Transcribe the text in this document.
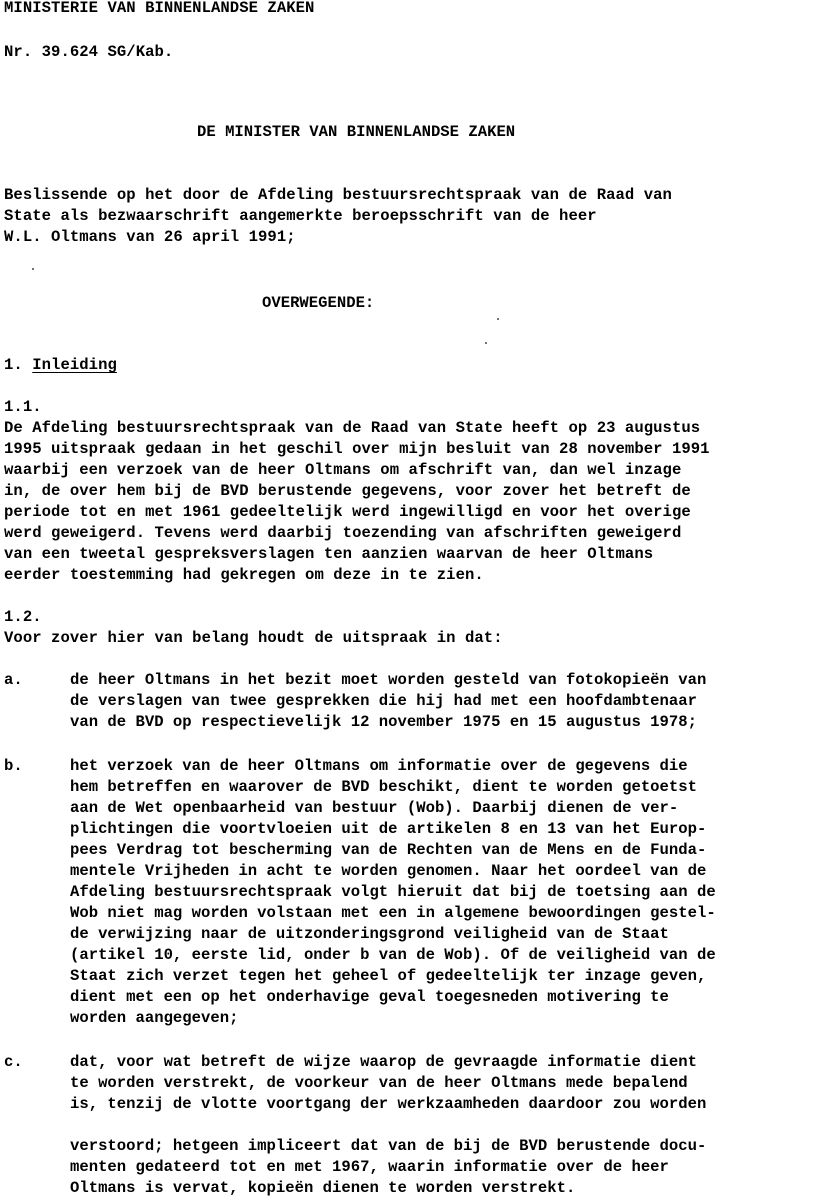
MINISTERIE VAN BINNENLANDSE ZAKEN
Nr. 39.624 SG/Kab.
DE MINISTER VAN BINNENLANDSE ZAKEN
Beslissende op het door de Afdeling bestuursrechtspraak van de Raad van
State als bezwaarschrift aangemerkte beroepsschrift van de heer
W.L. Oltmans van 26 april 1991;
OVERWEGENDE:
1. Inleiding
1.1.
De Afdeling bestuursrechtspraak van de Raad van State heeft op 23 augustus
1995 uitspraak gedaan in het geschil over mijn besluit van 28 november 1991
waarbij een verzoek van de heer Oltmans om afschrift van, dan wel inzage
in, de over hem bij de BVD berustende gegevens, voor zover het betreft de
periode tot en met 1961 gedeeltelijk werd ingewilligd en voor het overige
werd geweigerd. Tevens werd daarbij toezending van afschriften geweigerd
van een tweetal gespreksverslagen ten aanzien waarvan de heer Oltmans
eerder toestemming had gekregen om deze in te zien.
1.2.
Voor zover hier van belang houdt de uitspraak in dat:
a.	de heer Oltmans in het bezit moet worden gesteld van fotokopieën van
de verslagen van twee gesprekken die hij had met een hoofdambtenaar
van de BVD op respectievelijk 12 november 1975 en 15 augustus 1978;
b.	het verzoek van de heer Oltmans om informatie over de gegevens die
hem betreffen en waarover de BVD beschikt, dient te worden getoetst
aan de Wet openbaarheid van bestuur (Wob). Daarbij dienen de ver-
plichtingen die voortvloeien uit de artikelen 8 en 13 van het Europ-
pees Verdrag tot bescherming van de Rechten van de Mens en de Funda-
mentele Vrijheden in acht te worden genomen. Naar het oordeel van de
Afdeling bestuursrechtspraak volgt hieruit dat bij de toetsing aan de
Wob niet mag worden volstaan met een in algemene bewoordingen gestel-
de verwijzing naar de uitzonderingsgrond veiligheid van de Staat
(artikel 10, eerste lid, onder b van de Wob). Of de veiligheid van de
Staat zich verzet tegen het geheel of gedeeltelijk ter inzage geven,
dient met een op het onderhavige geval toegesneden motivering te
worden aangegeven;
c.	dat, voor wat betreft de wijze waarop de gevraagde informatie dient
te worden verstrekt, de voorkeur van de heer Oltmans mede bepalend
is, tenzij de vlotte voortgang der werkzaamheden daardoor zou worden
verstoord; hetgeen impliceert dat van de bij de BVD berustende docu-
menten gedateerd tot en met 1967, waarin informatie over de heer
Oltmans is vervat, kopieën dienen te worden verstrekt.
